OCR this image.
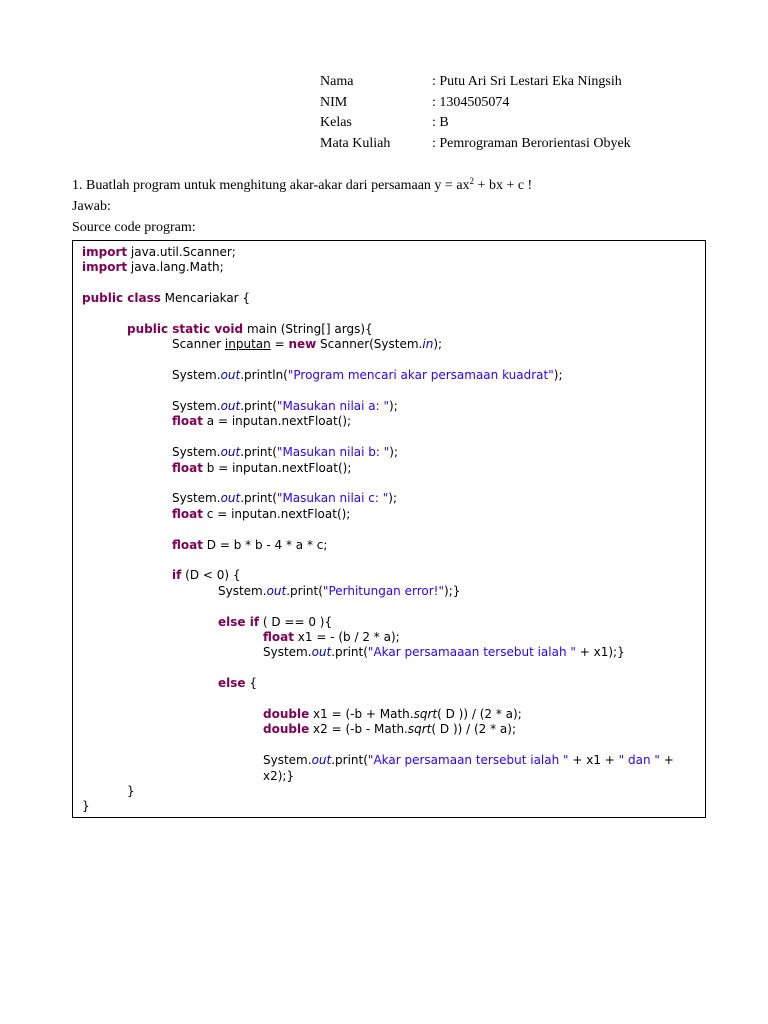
Nama	: Putu Ari Sri Lestari Eka Ningsih
NIM	: 1304505074
Kelas	: B
Mata Kuliah	: Pemrograman Berorientasi Obyek
1. Buatlah program untuk menghitung akar-akar dari persamaan $y = ax^2$ + bx + c !
Jawab:
Source code program:
import java.util.Scanner;
import java.lang.Math;
public class Mencariakar {
public static void main (String[] args){
Scanner inputan = new Scanner(System.in);
System.out.println("Program mencari akar persamaan kuadrat");
System.out.print("Masukan nilai a: ");
float a = inputan.nextFloat();
System.out.print("Masukan nilai b: ");
float b = inputan.nextFloat();
System.out.print("Masukan nilai c: ");
float c = inputan.nextFloat();
float D = b * b - 4 * a * c;
if (D < 0) {
System.out.print("Perhitungan error!");}
else if ( D == 0 ){
float x1 = - (b / 2 * a);
System.out.print("Akar persamaaan tersebut ialah " + x1);}
else {
double x1 = (-b + Math.sqrt( D )) / (2 * a);
double x2 = (-b - Math.sqrt( D )) / (2 * a);
System.out.print("Akar persamaan tersebut ialah " + x1 + " dan " +
x2);}
}
}
